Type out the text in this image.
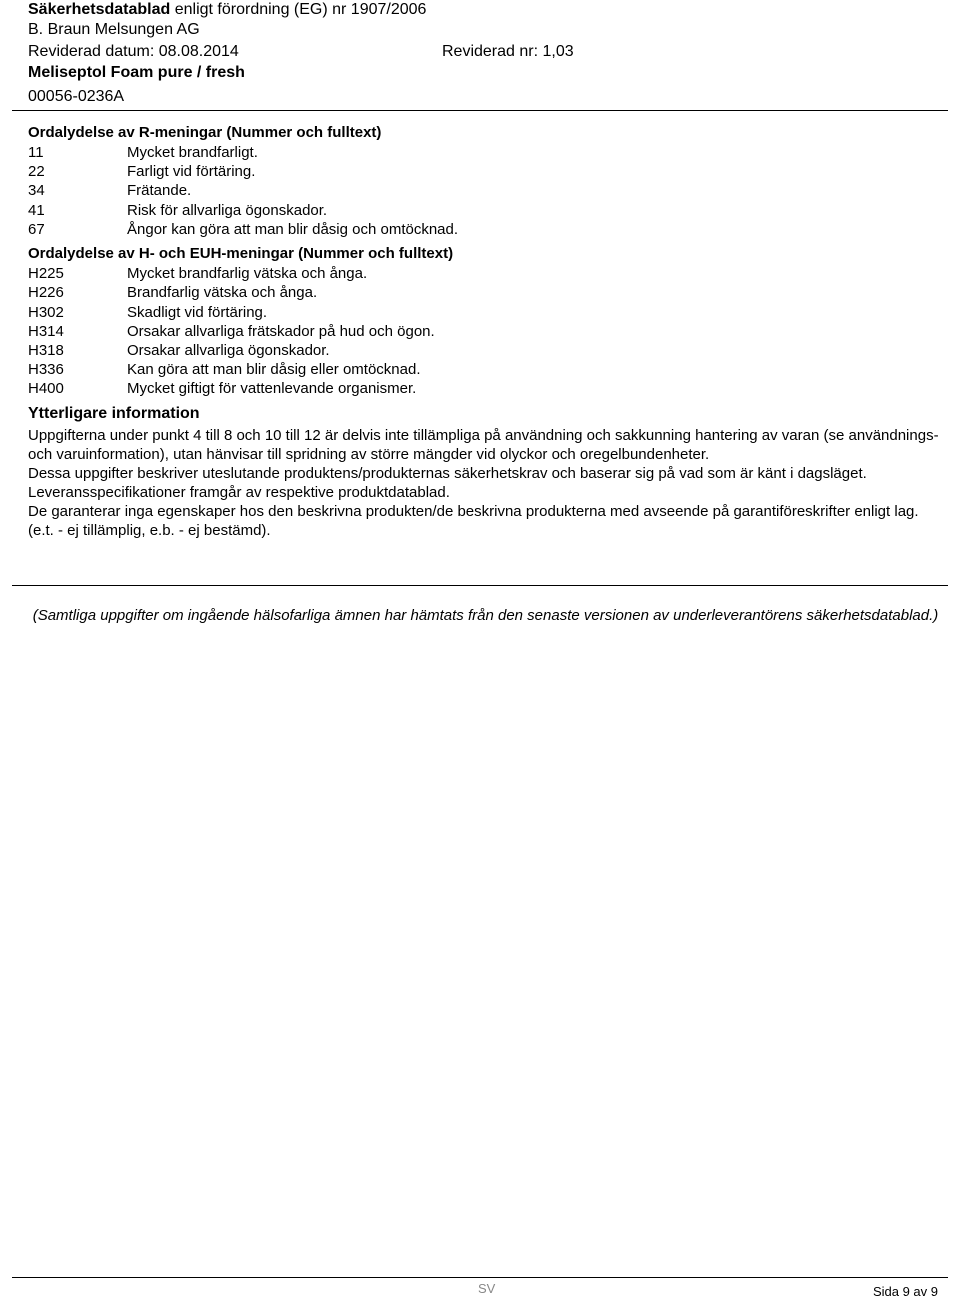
Säkerhetsdatablad enligt förordning (EG) nr 1907/2006
B. Braun Melsungen AG
Reviderad datum: 08.08.2014	Reviderad nr: 1,03
Meliseptol Foam pure / fresh
00056-0236A
Ordalydelse av R-meningar (Nummer och fulltext)
11	Mycket brandfarligt.
22	Farligt vid förtäring.
34	Frätande.
41	Risk för allvarliga ögonskador.
67	Ångor kan göra att man blir dåsig och omtöcknad.
Ordalydelse av H- och EUH-meningar (Nummer och fulltext)
H225	Mycket brandfarlig vätska och ånga.
H226	Brandfarlig vätska och ånga.
H302	Skadligt vid förtäring.
H314	Orsakar allvarliga frätskador på hud och ögon.
H318	Orsakar allvarliga ögonskador.
H336	Kan göra att man blir dåsig eller omtöcknad.
H400	Mycket giftigt för vattenlevande organismer.
Ytterligare information

Uppgifterna under punkt 4 till 8 och 10 till 12 är delvis inte tillämpliga på användning och sakkunning hantering av varan (se användnings- och varuinformation), utan hänvisar till spridning av större mängder vid olyckor och oregelbundenheter.

Dessa uppgifter beskriver uteslutande produktens/produkternas säkerhetskrav och baserar sig på vad som är känt i dagsläget.

Leveransspecifikationer framgår av respektive produktdatablad.

De garanterar inga egenskaper hos den beskrivna produkten/de beskrivna produkterna med avseende på garantiföreskrifter enligt lag.

(e.t. - ej tillämplig, e.b. - ej bestämd).

(Samtliga uppgifter om ingående hälsofarliga ämnen har hämtats från den senaste versionen av underleverantörens säkerhetsdatablad.)
SV	Sida 9 av 9
